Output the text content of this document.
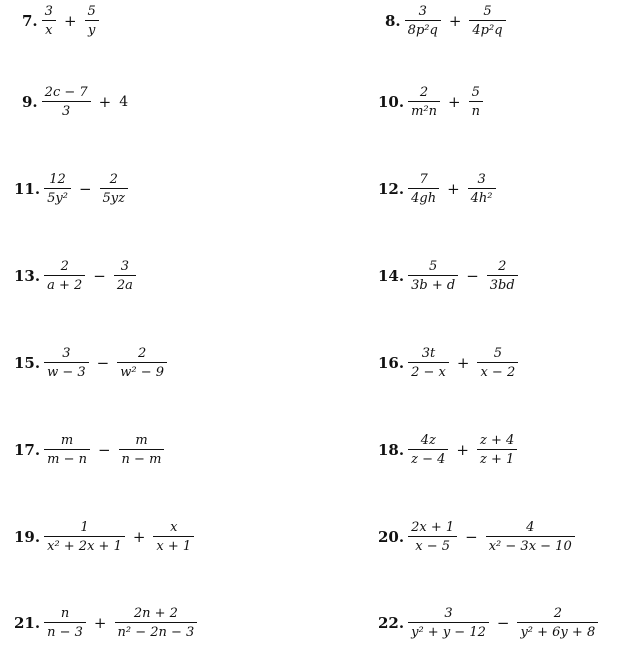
7. $\frac{3}{x} + \frac{5}{y}$	8. $\frac{3}{\text{8p²q}} + \frac{5}{\text{4p²q}}$
9. $\frac{2c - 7}{3} + 4$	10. $\frac{2}{\text{m²n}} + \frac{5}{n}$
11. $\frac{12}{\text{5y²}} - \frac{2}{5yz}$	12. $\frac{7}{4gh} + \frac{3}{\text{4h²}}$
13. $\frac{2}{a + 2} - \frac{3}{2a}$	14. $\frac{5}{3b + d} - \frac{2}{3bd}$
15. $\frac{3}{w - 3} - \frac{2}{\text{w² − 9}}$	16. $\frac{3t}{2 - x} + \frac{5}{x - 2}$
17. $\frac{m}{m - n} - \frac{m}{n - m}$	18. $\frac{4z}{z - 4} + \frac{z + 4}{z + 1}$
19. $\frac{1}{\text{x² + 2x + 1}} + \frac{x}{x + 1}$	20. $\frac{2x + 1}{x - 5} - \frac{4}{\text{x² − 3x − 10}}$
21. $\frac{n}{n - 3} + \frac{2n + 2}{\text{n² − 2n − 3}}$	22. $\frac{3}{\text{y² + y − 12}} - \frac{2}{\text{y² + 6y + 8}}$
